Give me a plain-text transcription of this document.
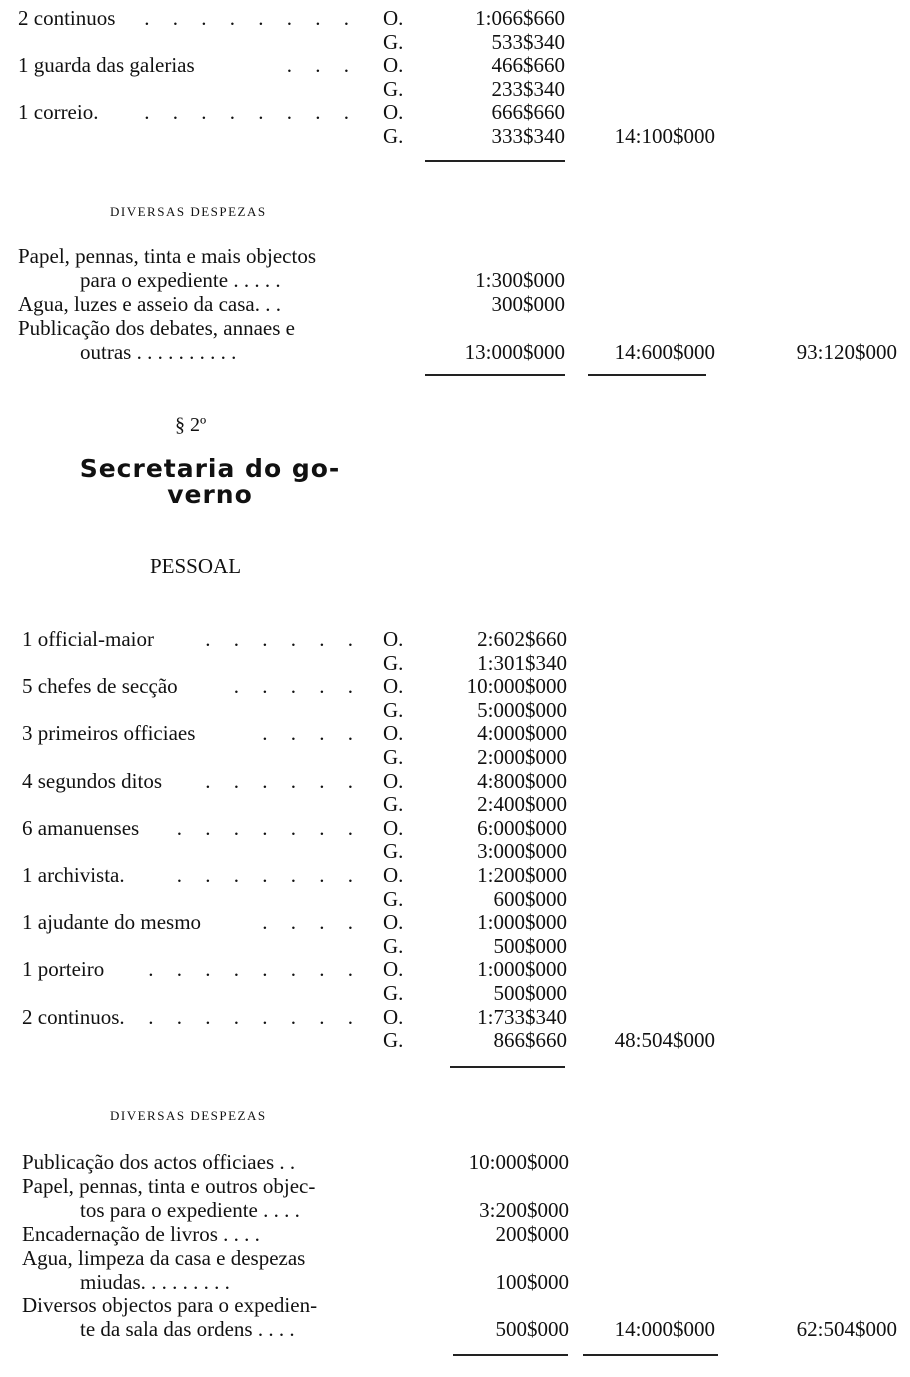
DIVERSAS DESPEZAS
§ 2º
Secretaria do go-
verno
PESSOAL
DIVERSAS DESPEZAS
2 continuos	. . . . . . . . O.	1:066$660
G.	533$340
1 guarda das galerias	. . . O.	466$660
G.	233$340
1 correio.	. . . . . . . . O.	666$660
G.	333$340	14:100$000
Papel, pennas, tinta e mais objectos
para o expediente . . . . .	1:300$000
Agua, luzes e asseio da casa. . .	300$000
Publicação dos debates, annaes e
outras . . . . . . . . . .	13:000$000	14:600$000	93:120$000
1 official-maior	. . . . . . O.	2:602$660
G.	1:301$340
5 chefes de secção	. . . . . O.	10:000$000
G.	5:000$000
3 primeiros officiaes	. . . . O.	4:000$000
G.	2:000$000
4 segundos ditos	. . . . . . O.	4:800$000
G.	2:400$000
6 amanuenses	. . . . . . . O.	6:000$000
G.	3:000$000
1 archivista.	. . . . . . . O.	1:200$000
G.	600$000
1 ajudante do mesmo	. . . . O.	1:000$000
G.	500$000
1 porteiro	. . . . . . . . O.	1:000$000
G.	500$000
2 continuos.	. . . . . . . . O.	1:733$340
G.	866$660	48:504$000
Publicação dos actos officiaes . .	10:000$000
Papel, pennas, tinta e outros objec-
tos para o expediente . . . .	3:200$000
Encadernação de livros . . . .	200$000
Agua, limpeza da casa e despezas
miudas. . . . . . . . .	100$000
Diversos objectos para o expedien-
te da sala das ordens . . . .	500$000	14:000$000	62:504$000
